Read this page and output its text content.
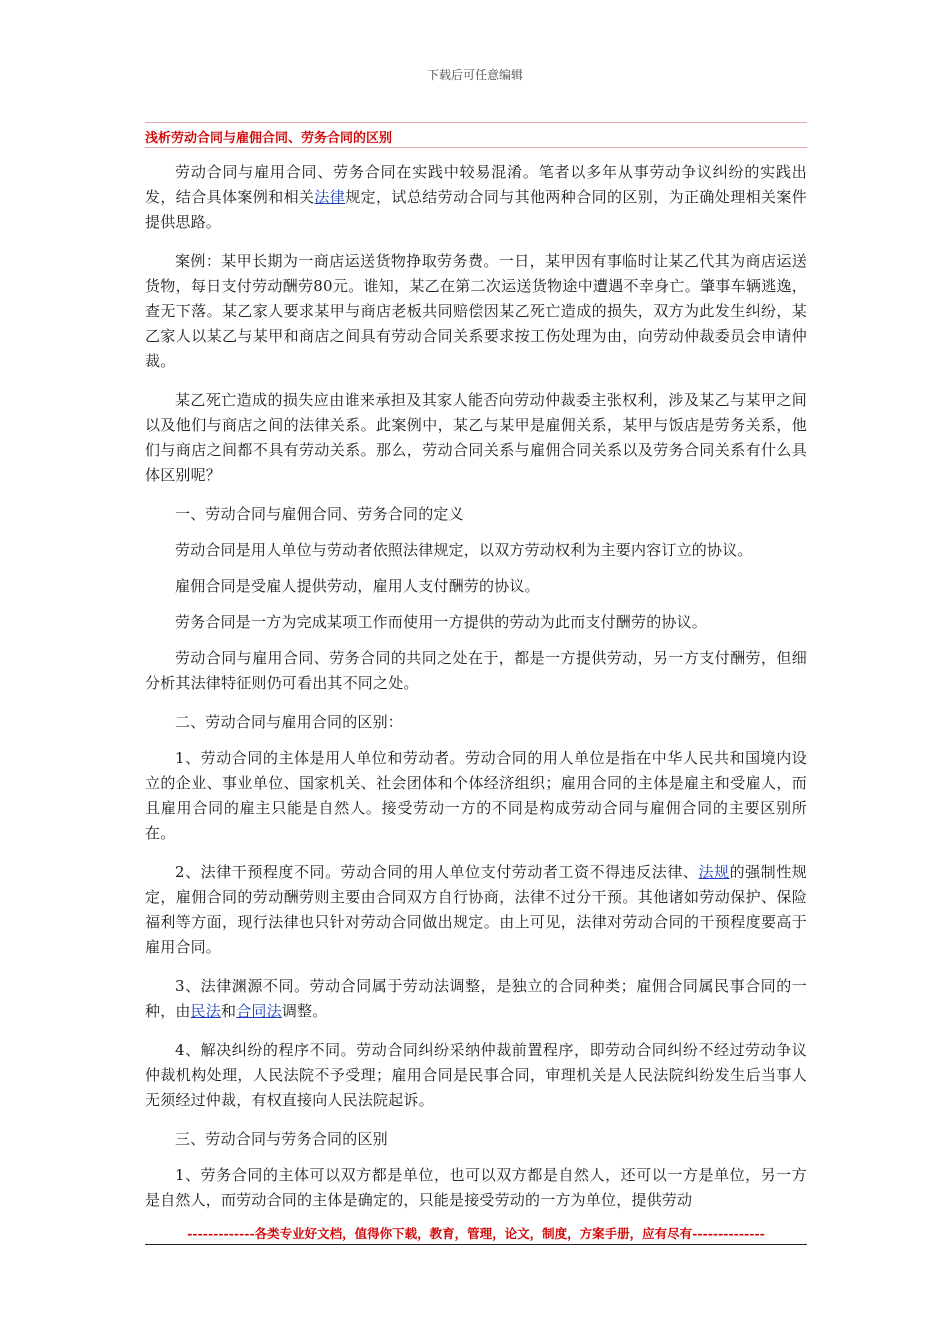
下载后可任意编辑
浅析劳动合同与雇佣合同、劳务合同的区别

劳动合同与雇用合同、劳务合同在实践中较易混淆。笔者以多年从事劳动争议纠纷的实践出发，结合具体案例和相关法律规定，试总结劳动合同与其他两种合同的区别，为正确处理相关案件提供思路。

案例：某甲长期为一商店运送货物挣取劳务费。一日，某甲因有事临时让某乙代其为商店运送货物，每日支付劳动酬劳80元。谁知，某乙在第二次运送货物途中遭遇不幸身亡。肇事车辆逃逸，查无下落。某乙家人要求某甲与商店老板共同赔偿因某乙死亡造成的损失，双方为此发生纠纷，某乙家人以某乙与某甲和商店之间具有劳动合同关系要求按工伤处理为由，向劳动仲裁委员会申请仲裁。

某乙死亡造成的损失应由谁来承担及其家人能否向劳动仲裁委主张权利，涉及某乙与某甲之间以及他们与商店之间的法律关系。此案例中，某乙与某甲是雇佣关系，某甲与饭店是劳务关系，他们与商店之间都不具有劳动关系。那么，劳动合同关系与雇佣合同关系以及劳务合同关系有什么具体区别呢？

一、劳动合同与雇佣合同、劳务合同的定义

劳动合同是用人单位与劳动者依照法律规定，以双方劳动权利为主要内容订立的协议。

雇佣合同是受雇人提供劳动，雇用人支付酬劳的协议。

劳务合同是一方为完成某项工作而使用一方提供的劳动为此而支付酬劳的协议。

劳动合同与雇用合同、劳务合同的共同之处在于，都是一方提供劳动，另一方支付酬劳，但细分析其法律特征则仍可看出其不同之处。

二、劳动合同与雇用合同的区别：

1、劳动合同的主体是用人单位和劳动者。劳动合同的用人单位是指在中华人民共和国境内设立的企业、事业单位、国家机关、社会团体和个体经济组织；雇用合同的主体是雇主和受雇人，而且雇用合同的雇主只能是自然人。接受劳动一方的不同是构成劳动合同与雇佣合同的主要区别所在。

2、法律干预程度不同。劳动合同的用人单位支付劳动者工资不得违反法律、法规的强制性规定，雇佣合同的劳动酬劳则主要由合同双方自行协商，法律不过分干预。其他诸如劳动保护、保险福利等方面，现行法律也只针对劳动合同做出规定。由上可见，法律对劳动合同的干预程度要高于雇用合同。

3、法律渊源不同。劳动合同属于劳动法调整，是独立的合同种类；雇佣合同属民事合同的一种，由民法和合同法调整。

4、解决纠纷的程序不同。劳动合同纠纷采纳仲裁前置程序，即劳动合同纠纷不经过劳动争议仲裁机构处理，人民法院不予受理；雇用合同是民事合同，审理机关是人民法院纠纷发生后当事人无须经过仲裁，有权直接向人民法院起诉。

三、劳动合同与劳务合同的区别

1、劳务合同的主体可以双方都是单位，也可以双方都是自然人，还可以一方是单位，另一方是自然人，而劳动合同的主体是确定的，只能是接受劳动的一方为单位，提供劳动

-------------各类专业好文档，值得你下载，教育，管理，论文，制度，方案手册，应有尽有--------------
